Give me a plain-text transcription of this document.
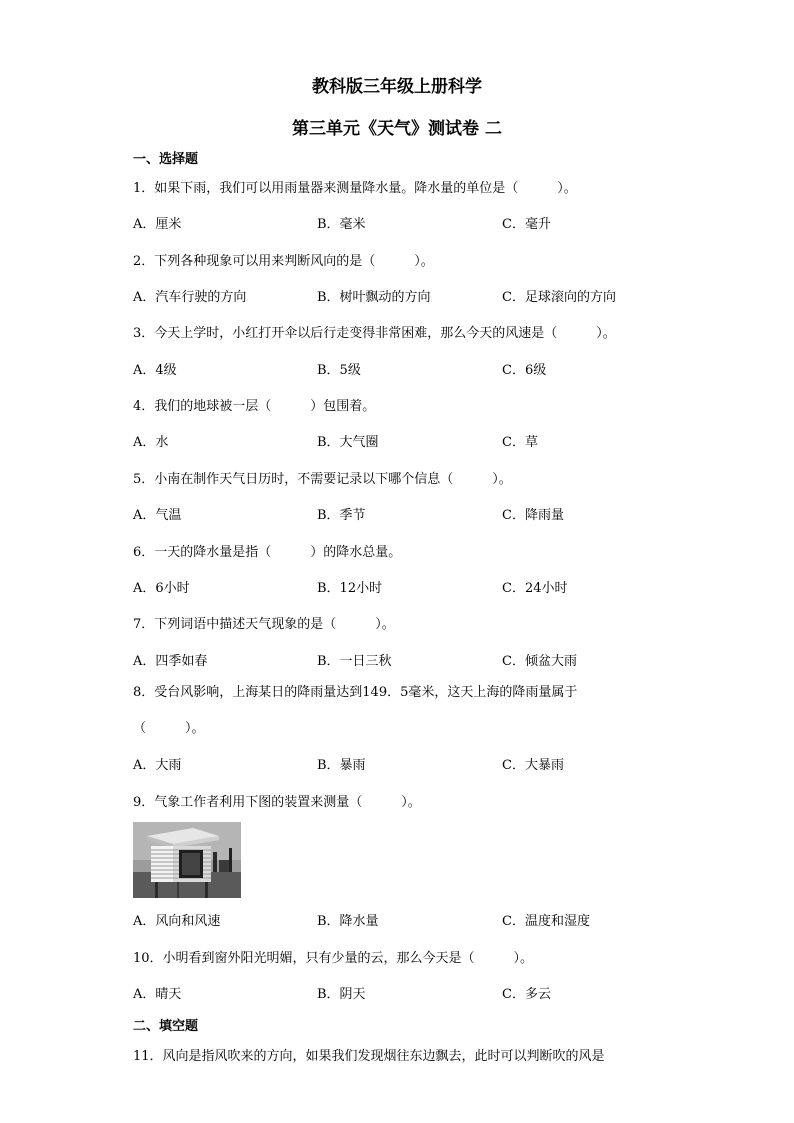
教科版三年级上册科学
第三单元《天气》测试卷 二
一、选择题
1．如果下雨，我们可以用雨量器来测量降水量。降水量的单位是（　　　）。
A．厘米	B．毫米	C．毫升
2．下列各种现象可以用来判断风向的是（　　　）。
A．汽车行驶的方向	B．树叶飘动的方向	C．足球滚向的方向
3．今天上学时，小红打开伞以后行走变得非常困难，那么今天的风速是（　　　）。
A．4级	B．5级	C．6级
4．我们的地球被一层（　　　）包围着。
A．水	B．大气圈	C．草
5．小南在制作天气日历时，不需要记录以下哪个信息（　　　）。
A．气温	B．季节	C．降雨量
6．一天的降水量是指（　　　）的降水总量。
A．6小时	B．12小时	C．24小时
7．下列词语中描述天气现象的是（　　　）。
A．四季如春	B．一日三秋	C．倾盆大雨
8．受台风影响，上海某日的降雨量达到149．5毫米，这天上海的降雨量属于
（　　　）。
A．大雨	B．暴雨	C．大暴雨
9．气象工作者利用下图的装置来测量（　　　）。
A．风向和风速	B．降水量	C．温度和湿度
10．小明看到窗外阳光明媚，只有少量的云，那么今天是（　　　）。
A．晴天	B．阴天	C．多云
二、填空题
11．风向是指风吹来的方向，如果我们发现烟往东边飘去，此时可以判断吹的风是
